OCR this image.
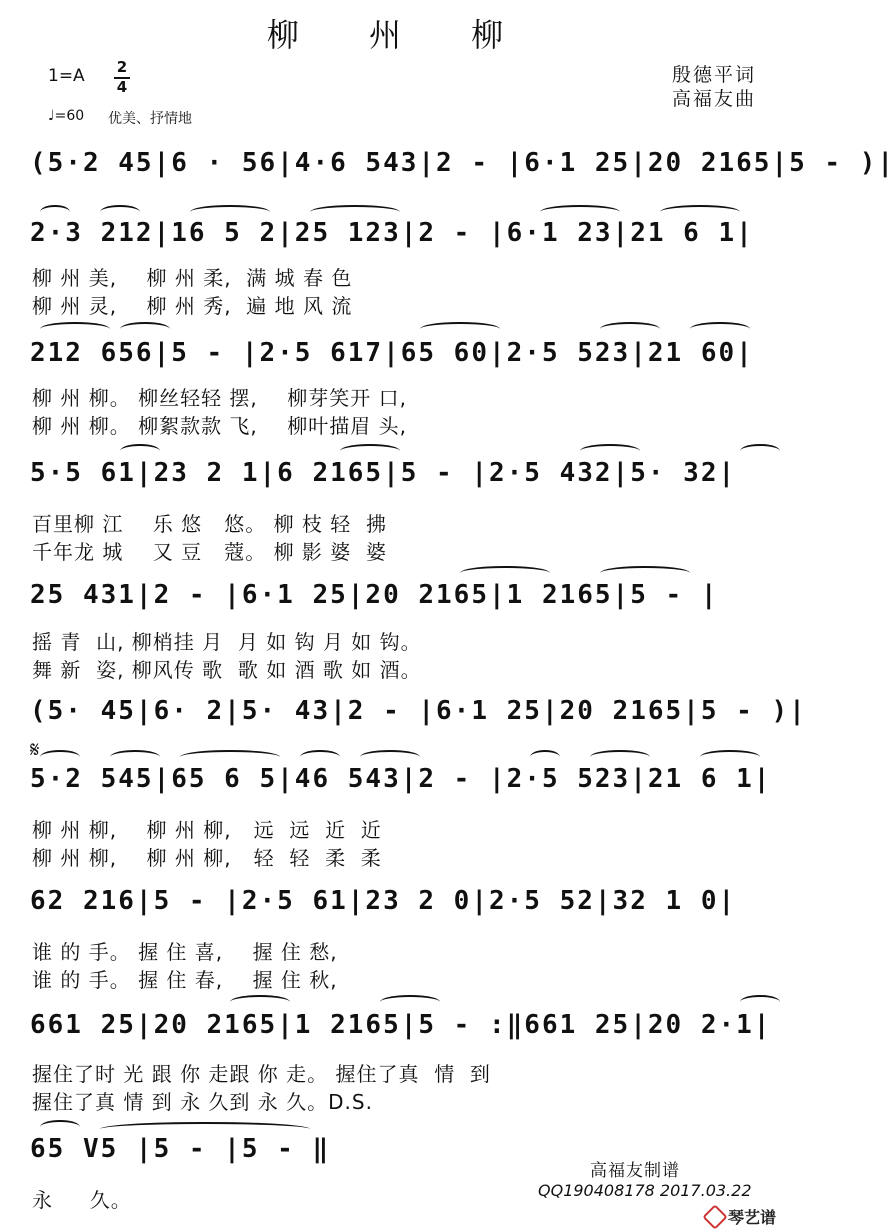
柳 州 柳
1=A 2
4
♩=60 优美、抒情地
殷德平词
高福友曲
(5·2 45|6 · 56|4·6 543|2 - |6·1 25|20 2165|5 - )|
2·3 212|16 5 2|25 123|2 - |6·1 23|21 6 1|
柳 州 美,    柳 州 柔,  满 城 春 色
柳 州 灵,    柳 州 秀,  遍 地 风 流
212 656|5 - |2·5 617|65 60|2·5 523|21 60|
柳 州 柳。 柳丝轻轻 摆,    柳芽笑开 口,
柳 州 柳。 柳絮款款 飞,    柳叶描眉 头,
5·5 61|23 2 1|6 2165|5 - |2·5 432|5· 32|
百里柳 江    乐 悠   悠。 柳 枝 轻  拂
千年龙 城    又 豆   蔻。 柳 影 婆  婆
25 431|2 - |6·1 25|20 2165|1 2165|5 - |
摇 青  山, 柳梢挂 月  月 如 钩 月 如 钩。
舞 新  姿, 柳风传 歌  歌 如 酒 歌 如 酒。
(5· 45|6· 2|5· 43|2 - |6·1 25|20 2165|5 - )|
𝄋
5·2 545|65 6 5|46 543|2 - |2·5 523|21 6 1|
柳 州 柳,    柳 州 柳,   远  远  近  近
柳 州 柳,    柳 州 柳,   轻  轻  柔  柔
62 216|5 - |2·5 61|23 2 0|2·5 52|32 1 0|
谁 的 手。 握 住 喜,    握 住 愁,
谁 的 手。 握 住 春,    握 住 秋,
661 25|20 2165|1 2165|5 - :‖661 25|20 2·1|
握住了时 光 跟 你 走跟 你 走。 握住了真  情  到
握住了真 情 到 永 久到 永 久。D.S.
65 V5 |5 - |5 - ‖
永     久。
高福友制谱
QQ190408178 2017.03.22
琴艺谱
